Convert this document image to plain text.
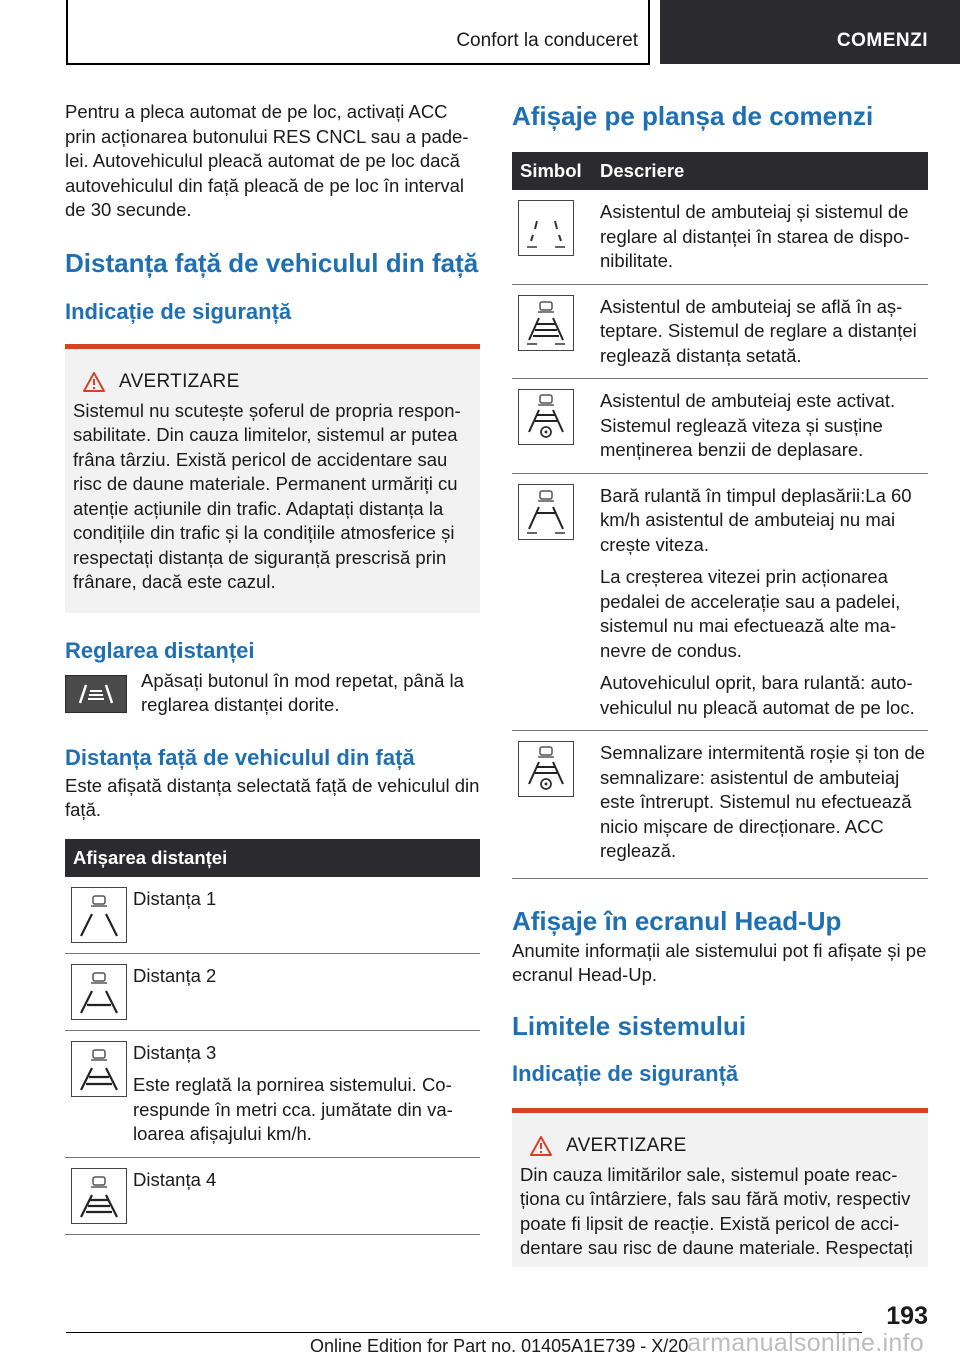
Confort la conduceret	COMENZI

Pentru a pleca automat de pe loc, activați ACC prin acționarea butonului RES CNCL sau a padelei. Autovehiculul pleacă automat de pe loc dacă autovehiculul din față pleacă de pe loc în interval de 30 secunde.

Distanța față de vehiculul din față
Indicație de siguranță
AVERTIZARE

Sistemul nu scutește șoferul de propria responsabilitate. Din cauza limitelor, sistemul ar putea frâna târziu. Există pericol de accidentare sau risc de daune materiale. Permanent urmăriți cu atenție acțiunile din trafic. Adaptați distanța la condițiile din trafic și la condițiile atmosferice și respectați distanța de siguranță prescrisă prin frânare, dacă este cazul.

Reglarea distanței

Apăsați butonul în mod repetat, până la reglarea distanței dorite.

Distanța față de vehiculul din față

Este afișată distanța selectată față de vehiculul din față.

Afișarea distanței

Distanța 1

Distanța 2

Distanța 3

Este reglată la pornirea sistemului. Corespunde în metri cca. jumătate din valoarea afișajului km/h.

Distanța 4

Afișaje pe planșa de comenzi
Simbol Descriere

Asistentul de ambuteiaj și sistemul de reglare al distanței în starea de disponibilitate.

Asistentul de ambuteiaj se află în așteptare. Sistemul de reglare a distanței reglează distanța setată.

Asistentul de ambuteiaj este activat. Sistemul reglează viteza și susține menținerea benzii de deplasare.

Bară rulantă în timpul deplasării:La 60 km/h asistentul de ambuteiaj nu mai crește viteza.

La creșterea vitezei prin acționarea pedalei de accelerație sau a padelei, sistemul nu mai efectuează alte manevre de condus.

Autovehiculul oprit, bara rulantă: autovehiculul nu pleacă automat de pe loc.

Semnalizare intermitentă roșie și ton de semnalizare: asistentul de ambuteiaj este întrerupt. Sistemul nu efectuează nicio mișcare de direcționare. ACC reglează.

Afișaje în ecranul Head-Up

Anumite informații ale sistemului pot fi afișate și pe ecranul Head-Up.

Limitele sistemului
Indicație de siguranță
AVERTIZARE

Din cauza limitărilor sale, sistemul poate reacționa cu întârziere, fals sau fără motiv, respectiv poate fi lipsit de reacție. Există pericol de accidentare sau risc de daune materiale. Respectați

193
Online Edition for Part no. 01405A1E739 - X/20 armanualsonline.info
